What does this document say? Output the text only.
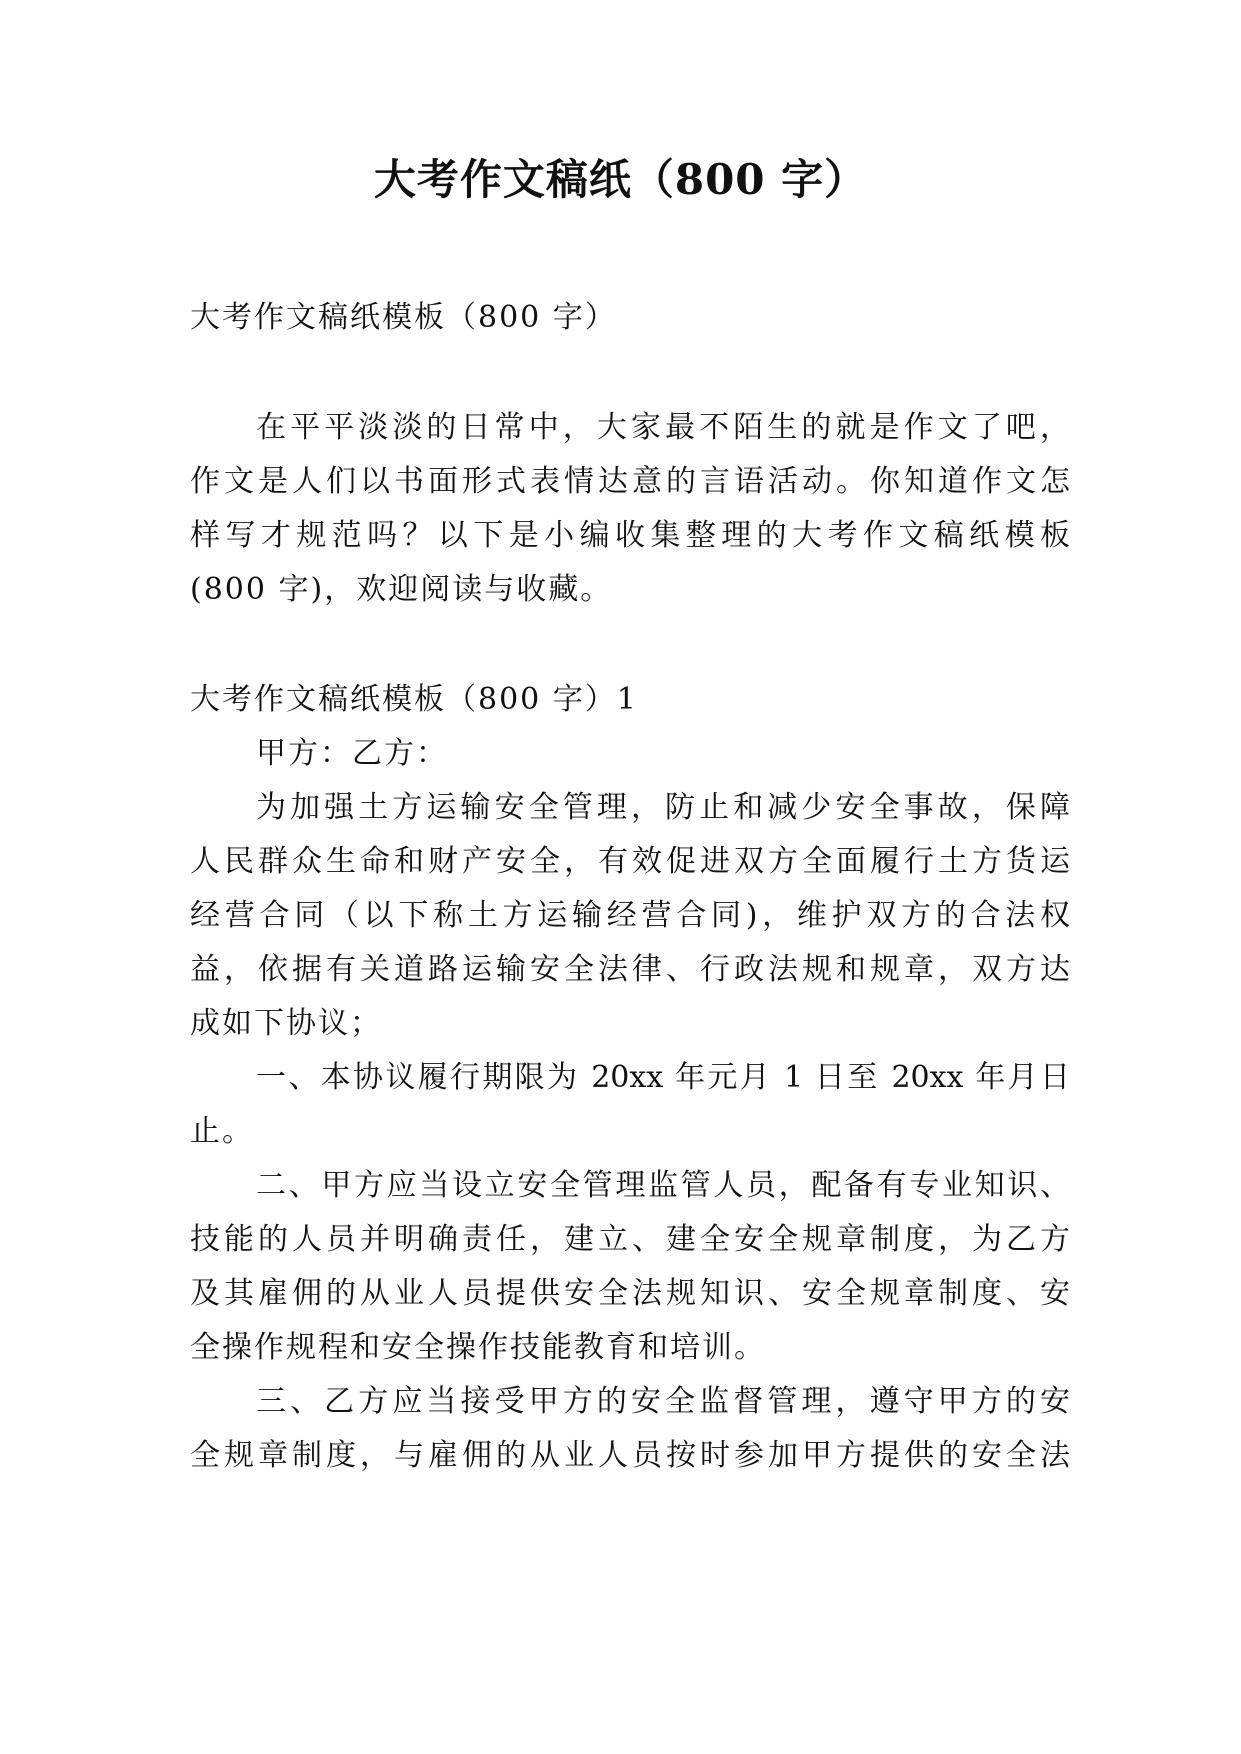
大考作文稿纸（800 字）
大考作文稿纸模板（800 字）
在平平淡淡的日常中，大家最不陌生的就是作文了吧，
作文是人们以书面形式表情达意的言语活动。你知道作文怎
样写才规范吗？以下是小编收集整理的大考作文稿纸模板
(800 字)，欢迎阅读与收藏。
大考作文稿纸模板（800 字）1
甲方：乙方：
为加强土方运输安全管理，防止和减少安全事故，保障
人民群众生命和财产安全，有效促进双方全面履行土方货运
经营合同（以下称土方运输经营合同)，维护双方的合法权
益，依据有关道路运输安全法律、行政法规和规章，双方达
成如下协议；
一、本协议履行期限为 20xx 年元月 1 日至 20xx 年月日
止。
二、甲方应当设立安全管理监管人员，配备有专业知识、
技能的人员并明确责任，建立、建全安全规章制度，为乙方
及其雇佣的从业人员提供安全法规知识、安全规章制度、安
全操作规程和安全操作技能教育和培训。
三、乙方应当接受甲方的安全监督管理，遵守甲方的安
全规章制度，与雇佣的从业人员按时参加甲方提供的安全法
